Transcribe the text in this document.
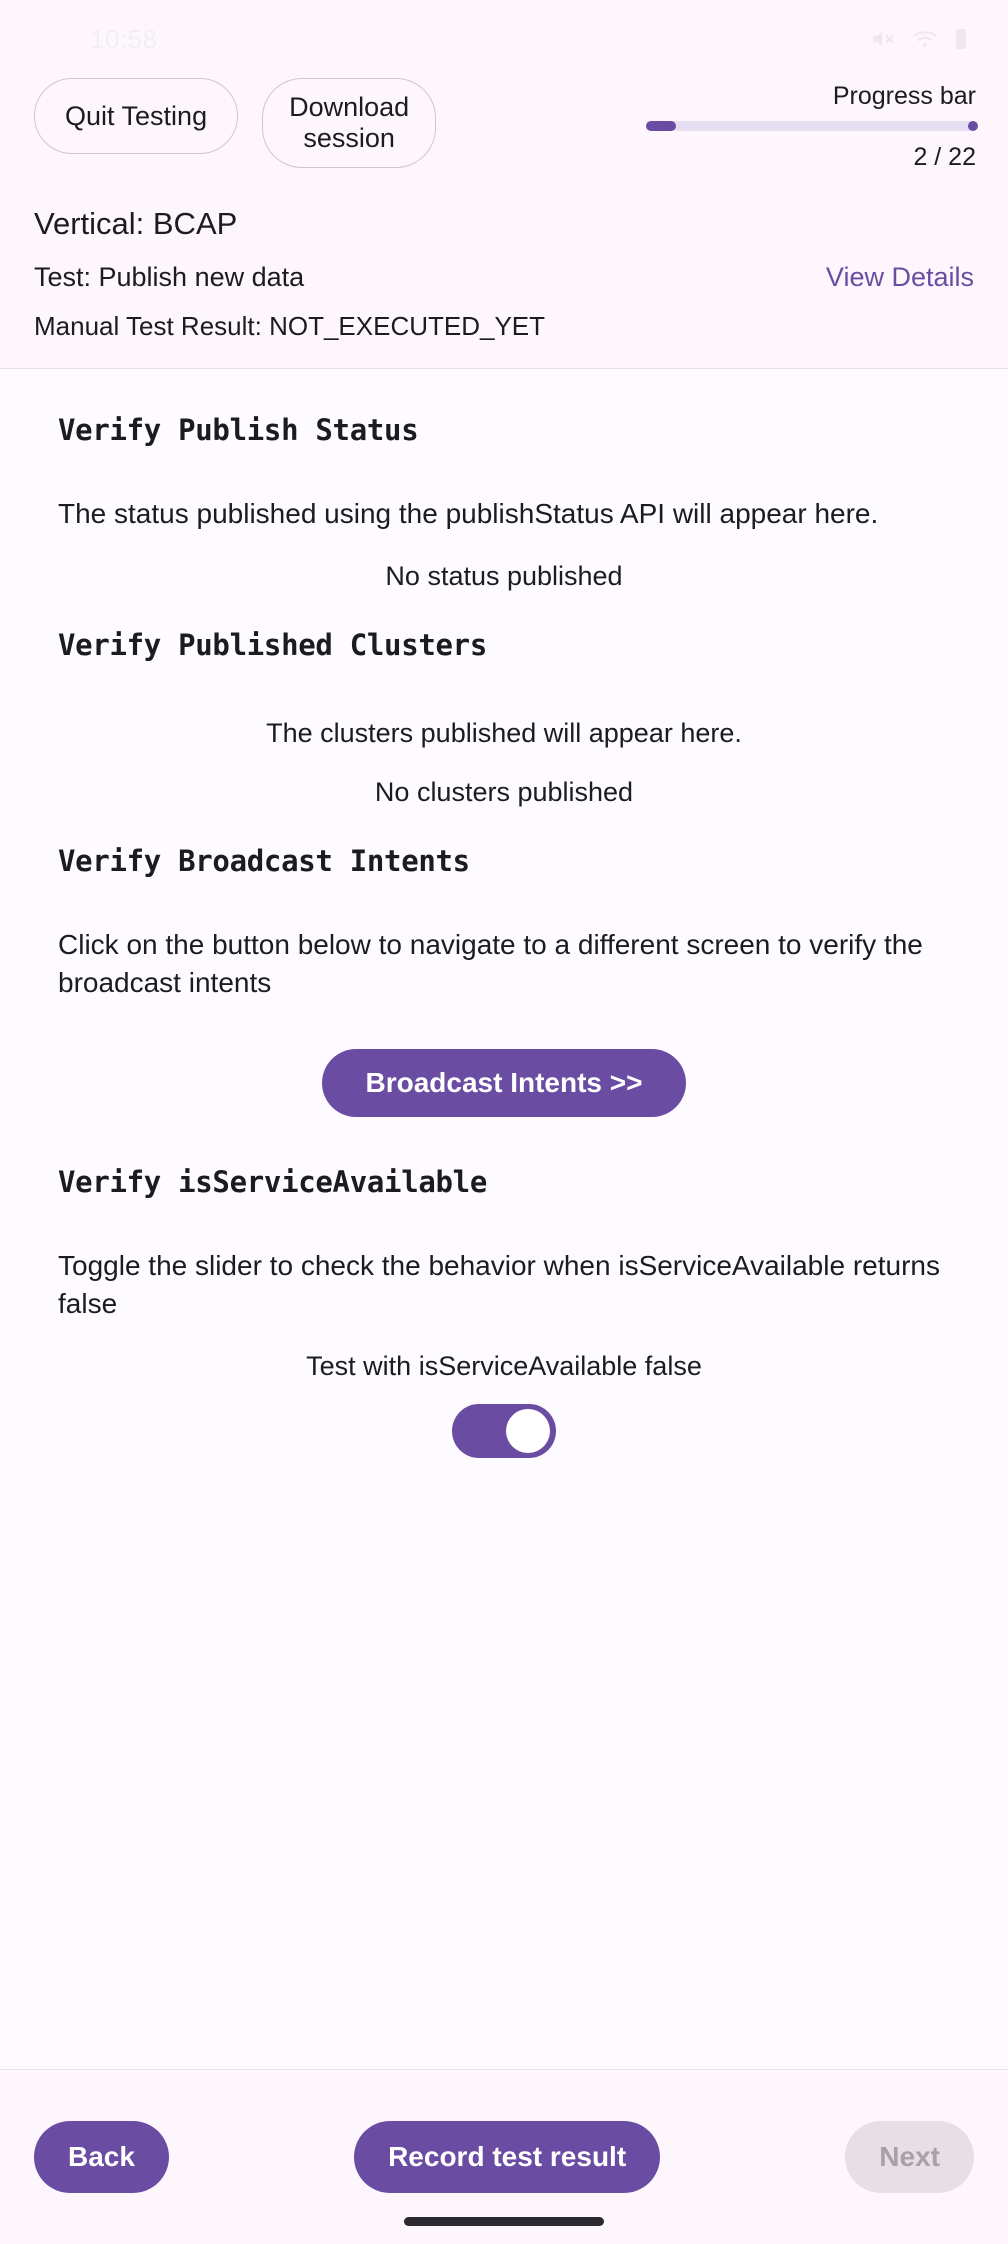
10:58
Quit Testing	Download
session
Progress bar
2 / 22
Vertical: BCAP
Test: Publish new data	View Details
Manual Test Result: NOT_EXECUTED_YET
Verify Publish Status
The status published using the publishStatus API will appear here.
No status published
Verify Published Clusters
The clusters published will appear here.
No clusters published
Verify Broadcast Intents
Click on the button below to navigate to a different screen to verify the broadcast intents
Broadcast Intents >>
Verify isServiceAvailable
Toggle the slider to check the behavior when isServiceAvailable returns false
Test with isServiceAvailable false
Back	Record test result	Next
